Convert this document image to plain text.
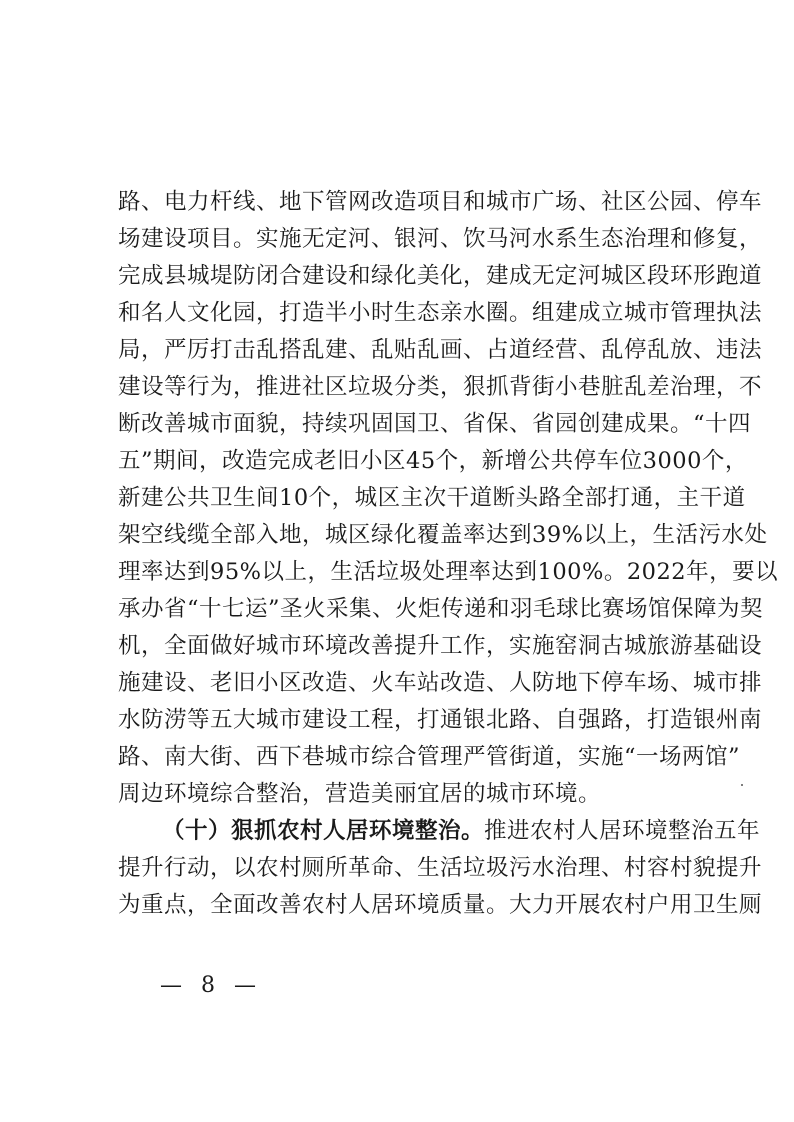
路、电力杆线、地下管网改造项目和城市广场、社区公园、停车
场建设项目。实施无定河、银河、饮马河水系生态治理和修复，
完成县城堤防闭合建设和绿化美化，建成无定河城区段环形跑道
和名人文化园，打造半小时生态亲水圈。组建成立城市管理执法
局，严厉打击乱搭乱建、乱贴乱画、占道经营、乱停乱放、违法
建设等行为，推进社区垃圾分类，狠抓背街小巷脏乱差治理，不
断改善城市面貌，持续巩固国卫、省保、省园创建成果。“十四
五”期间，改造完成老旧小区45个，新增公共停车位3000个，
新建公共卫生间10个，城区主次干道断头路全部打通，主干道
架空线缆全部入地，城区绿化覆盖率达到39%以上，生活污水处
理率达到95%以上，生活垃圾处理率达到100%。2022年，要以
承办省“十七运”圣火采集、火炬传递和羽毛球比赛场馆保障为契
机，全面做好城市环境改善提升工作，实施窑洞古城旅游基础设
施建设、老旧小区改造、火车站改造、人防地下停车场、城市排
水防涝等五大城市建设工程，打通银北路、自强路，打造银州南
路、南大街、西下巷城市综合管理严管街道，实施“一场两馆”
周边环境综合整治，营造美丽宜居的城市环境。
（十）狠抓农村人居环境整治。推进农村人居环境整治五年
提升行动，以农村厕所革命、生活垃圾污水治理、村容村貌提升
为重点，全面改善农村人居环境质量。大力开展农村户用卫生厕
— 8 —
